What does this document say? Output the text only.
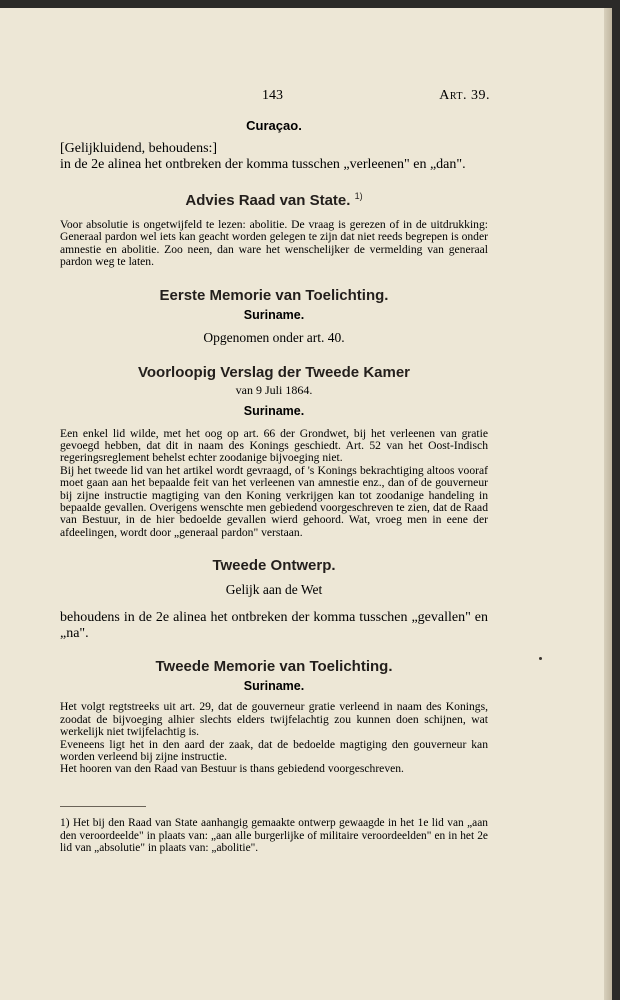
143	Art. 39.

Curaçao.

[Gelijkluidend, behoudens:]

in de 2e alinea het ontbreken der komma tusschen „verleenen" en „dan".

Advies Raad van State. $^{1)}$

Voor absolutie is ongetwijfeld te lezen: abolitie. De vraag is gerezen of in de uitdrukking: Generaal pardon wel iets kan geacht worden gelegen te zijn dat niet reeds begrepen is onder amnestie en abolitie. Zoo neen, dan ware het wenschelijker de vermelding van generaal pardon weg te laten.

Eerste Memorie van Toelichting.

Suriname.

Opgenomen onder art. 40.

Voorloopig Verslag der Tweede Kamer

van 9 Juli 1864.

Suriname.

Een enkel lid wilde, met het oog op art. 66 der Grondwet, bij het verleenen van gratie gevoegd hebben, dat dit in naam des Konings geschiedt. Art. 52 van het Oost-Indisch regeringsreglement behelst echter zoodanige bijvoeging niet.

Bij het tweede lid van het artikel wordt gevraagd, of 's Konings bekrachtiging altoos vooraf moet gaan aan het bepaalde feit van het verleenen van amnestie enz., dan of de gouverneur bij zijne instructie magtiging van den Koning verkrijgen kan tot zoodanige handeling in bepaalde gevallen. Overigens wenschte men gebiedend voorgeschreven te zien, dat de Raad van Bestuur, in de hier bedoelde gevallen wierd gehoord. Wat, vroeg men in eene der afdeelingen, wordt door „generaal pardon" verstaan.

Tweede Ontwerp.

Gelijk aan de Wet

behoudens in de 2e alinea het ontbreken der komma tusschen „gevallen" en „na".

Tweede Memorie van Toelichting.

Suriname.

Het volgt regtstreeks uit art. 29, dat de gouverneur gratie verleend in naam des Konings, zoodat de bijvoeging alhier slechts elders twijfelachtig zou kunnen doen schijnen, wat werkelijk niet twijfelachtig is.

Eveneens ligt het in den aard der zaak, dat de bedoelde magtiging den gouverneur kan worden verleend bij zijne instructie.

Het hooren van den Raad van Bestuur is thans gebiedend voorgeschreven.

1) Het bij den Raad van State aanhangig gemaakte ontwerp gewaagde in het 1e lid van „aan den veroordeelde" in plaats van: „aan alle burgerlijke of militaire veroordeelden" en in het 2e lid van „absolutie" in plaats van: „abolitie".
